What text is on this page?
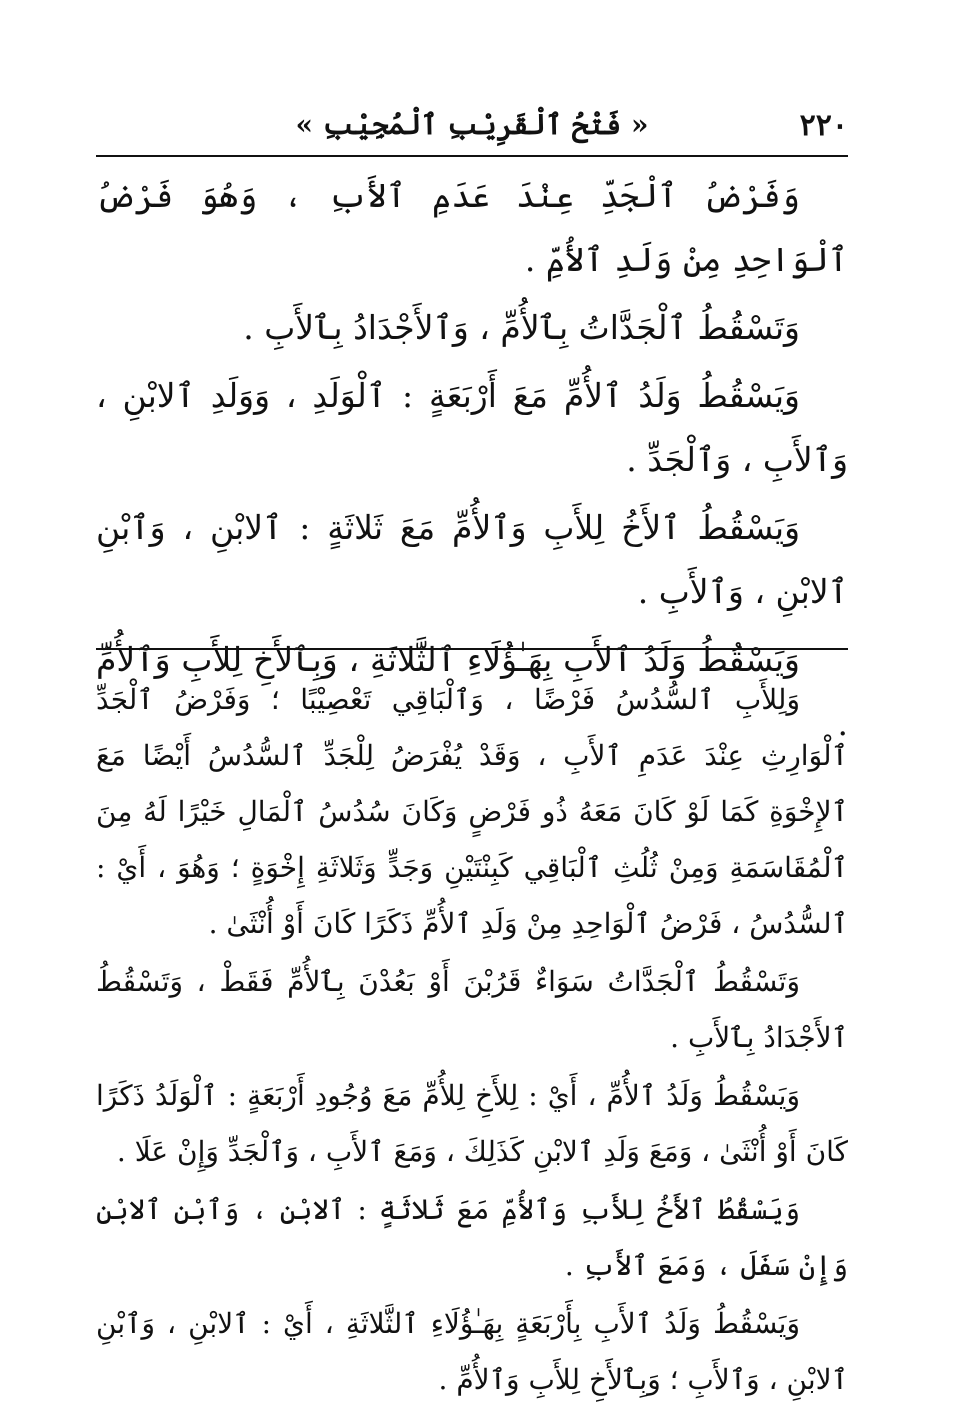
٢٢٠
« فَتْحُ ٱلْقَرِيْبِ ٱلْمُجِيْبِ »

وَفَرْضُ ٱلْجَدِّ عِنْدَ عَدَمِ ٱلأَبِ ، وَهُوَ فَرْضُ ٱلْوَاحِدِ مِنْ وَلَدِ ٱلأُمِّ .

وَتَسْقُطُ ٱلْجَدَّاتُ بِٱلأُمِّ ، وَٱلأَجْدَادُ بِٱلأَبِ .

وَيَسْقُطُ وَلَدُ ٱلأُمِّ مَعَ أَرْبَعَةٍ : ٱلْوَلَدِ ، وَوَلَدِ ٱلابْنِ ، وَٱلأَبِ ، وَٱلْجَدِّ .

وَيَسْقُطُ ٱلأَخُ لِلأَبِ وَٱلأُمِّ مَعَ ثَلاثَةٍ : ٱلابْنِ ، وَٱبْنِ ٱلابْنِ ، وَٱلأَبِ .

وَيَسْقُطُ وَلَدُ ٱلأَبِ بِهَـٰؤُلَاءِ ٱلثَّلاثَةِ ، وَبِٱلأَخِ لِلأَبِ وَٱلأُمِّ .

وَلِلأَبِ ٱلسُّدُسُ فَرْضًا ، وَٱلْبَاقِي تَعْصِيْبًا ؛ وَفَرْضُ ٱلْجَدِّ ٱلْوَارِثِ عِنْدَ عَدَمِ ٱلأَبِ ، وَقَدْ يُفْرَضُ لِلْجَدِّ ٱلسُّدُسُ أَيْضًا مَعَ ٱلإِخْوَةِ كَمَا لَوْ كَانَ مَعَهُ ذُو فَرْضٍ وَكَانَ سُدُسُ ٱلْمَالِ خَيْرًا لَهُ مِنَ ٱلْمُقَاسَمَةِ وَمِنْ ثُلُثِ ٱلْبَاقِي كَبِنْتَيْنِ وَجَدٍّ وَثَلاثَةِ إِخْوَةٍ ؛ وَهُوَ ، أَيْ : ٱلسُّدُسُ ، فَرْضُ ٱلْوَاحِدِ مِنْ وَلَدِ ٱلأُمِّ ذَكَرًا كَانَ أَوْ أُنْثَىٰ .

وَتَسْقُطُ ٱلْجَدَّاتُ سَوَاءٌ قَرُبْنَ أَوْ بَعُدْنَ بِٱلأُمِّ فَقَطْ ، وَتَسْقُطُ ٱلأَجْدَادُ بِٱلأَبِ .

وَيَسْقُطُ وَلَدُ ٱلأُمِّ ، أَيْ : لِلأَخِ لِلأُمِّ مَعَ وُجُودِ أَرْبَعَةٍ : ٱلْوَلَدُ ذَكَرًا كَانَ أَوْ أُنْثَىٰ ، وَمَعَ وَلَدِ ٱلابْنِ كَذَلِكَ ، وَمَعَ ٱلأَبِ ، وَٱلْجَدِّ وَإِنْ عَلَا .

وَيَسْقُطُ ٱلأَخُ لِلأَبِ وَٱلأُمِّ مَعَ ثَلاثَةٍ : ٱلابْنِ ، وَٱبْنِ ٱلابْنِ وَإِنْ سَفَلَ ، وَمَعَ ٱلأَبِ .

وَيَسْقُطُ وَلَدُ ٱلأَبِ بِأَرْبَعَةٍ بِهَـٰؤُلَاءِ ٱلثَّلاثَةِ ، أَيْ : ٱلابْنِ ، وَٱبْنِ ٱلابْنِ ، وَٱلأَبِ ؛ وَبِٱلأَخِ لِلأَبِ وَٱلأُمِّ .
